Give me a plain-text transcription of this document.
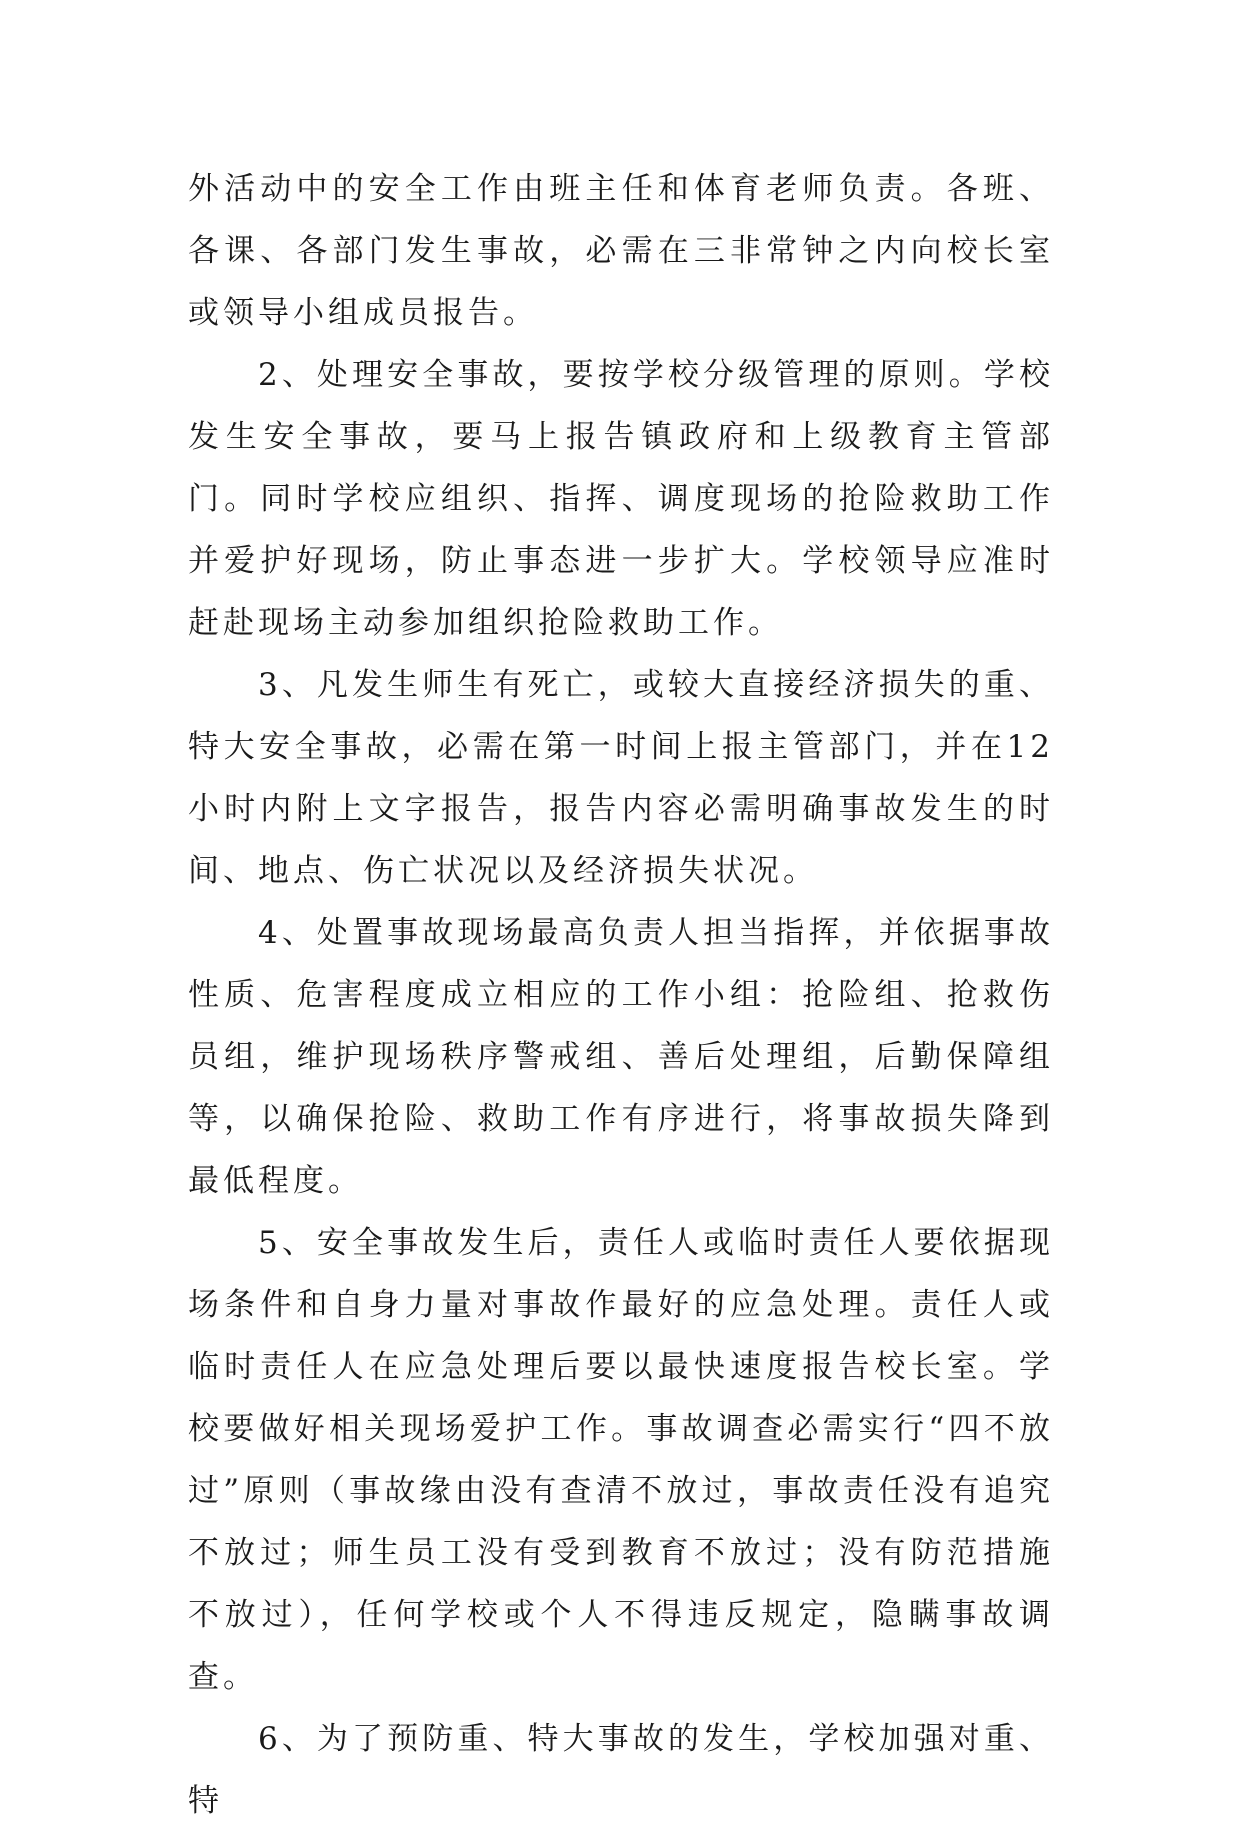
外活动中的安全工作由班主任和体育老师负责。各班、各课、各部门发生事故，必需在三非常钟之内向校长室或领导小组成员报告。

2、处理安全事故，要按学校分级管理的原则。学校发生安全事故，要马上报告镇政府和上级教育主管部门。同时学校应组织、指挥、调度现场的抢险救助工作并爱护好现场，防止事态进一步扩大。学校领导应准时赶赴现场主动参加组织抢险救助工作。

3、凡发生师生有死亡，或较大直接经济损失的重、特大安全事故，必需在第一时间上报主管部门，并在12小时内附上文字报告，报告内容必需明确事故发生的时间、地点、伤亡状况以及经济损失状况。

4、处置事故现场最高负责人担当指挥，并依据事故性质、危害程度成立相应的工作小组：抢险组、抢救伤员组，维护现场秩序警戒组、善后处理组，后勤保障组等，以确保抢险、救助工作有序进行，将事故损失降到最低程度。

5、安全事故发生后，责任人或临时责任人要依据现场条件和自身力量对事故作最好的应急处理。责任人或临时责任人在应急处理后要以最快速度报告校长室。学校要做好相关现场爱护工作。事故调查必需实行“四不放过”原则（事故缘由没有查清不放过，事故责任没有追究不放过；师生员工没有受到教育不放过；没有防范措施不放过），任何学校或个人不得违反规定，隐瞒事故调查。

6、为了预防重、特大事故的发生，学校加强对重、特
